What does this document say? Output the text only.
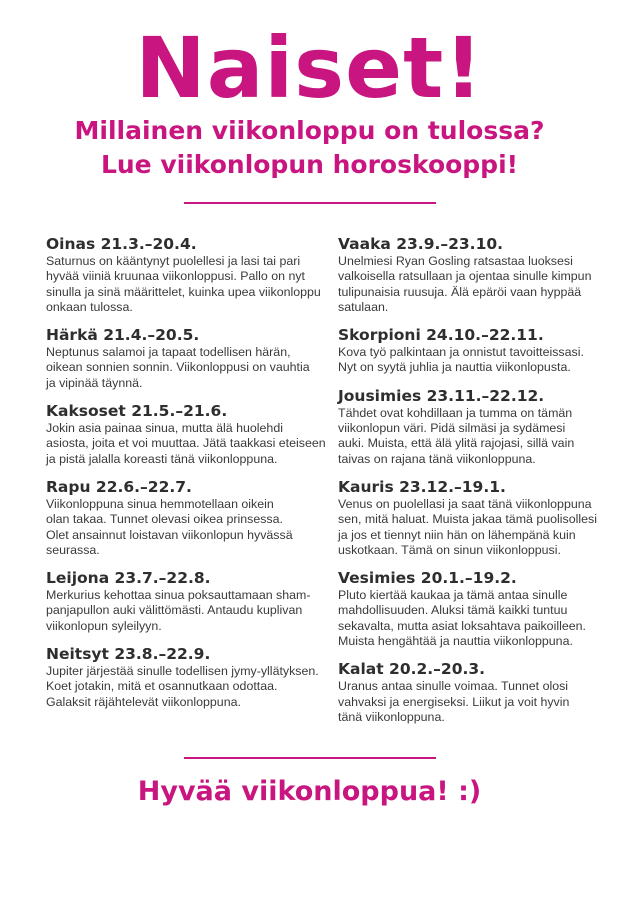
Naiset!
Millainen viikonloppu on tulossa?
Lue viikonlopun horoskooppi!
Oinas 21.3.–20.4.
Saturnus on kääntynyt puolellesi ja lasi tai pari
hyvää viiniä kruunaa viikonloppusi. Pallo on nyt
sinulla ja sinä määrittelet, kuinka upea viikonloppu
onkaan tulossa.
Härkä 21.4.–20.5.
Neptunus salamoi ja tapaat todellisen härän,
oikean sonnien sonnin. Viikonloppusi on vauhtia
ja vipinää täynnä.
Kaksoset 21.5.–21.6.
Jokin asia painaa sinua, mutta älä huolehdi
asiosta, joita et voi muuttaa. Jätä taakkasi eteiseen
ja pistä jalalla koreasti tänä viikonloppuna.
Rapu 22.6.–22.7.
Viikonloppuna sinua hemmotellaan oikein
olan takaa. Tunnet olevasi oikea prinsessa.
Olet ansainnut loistavan viikonlopun hyvässä
seurassa.
Leijona 23.7.–22.8.
Merkurius kehottaa sinua poksauttamaan sham-
panjapullon auki välittömästi. Antaudu kuplivan
viikonlopun syleilyyn.
Neitsyt 23.8.–22.9.
Jupiter järjestää sinulle todellisen jymy-yllätyksen.
Koet jotakin, mitä et osannutkaan odottaa.
Galaksit räjähtelevät viikonloppuna.
Vaaka 23.9.–23.10.
Unelmiesi Ryan Gosling ratsastaa luoksesi
valkoisella ratsullaan ja ojentaa sinulle kimpun
tulipunaisia ruusuja. Älä epäröi vaan hyppää
satulaan.
Skorpioni 24.10.–22.11.
Kova työ palkintaan ja onnistut tavoitteissasi.
Nyt on syytä juhlia ja nauttia viikonlopusta.
Jousimies 23.11.–22.12.
Tähdet ovat kohdillaan ja tumma on tämän
viikonlopun väri. Pidä silmäsi ja sydämesi
auki. Muista, että älä ylitä rajojasi, sillä vain
taivas on rajana tänä viikonloppuna.
Kauris 23.12.–19.1.
Venus on puolellasi ja saat tänä viikonloppuna
sen, mitä haluat. Muista jakaa tämä puolisollesi
ja jos et tiennyt niin hän on lähempänä kuin
uskotkaan. Tämä on sinun viikonloppusi.
Vesimies 20.1.–19.2.
Pluto kiertää kaukaa ja tämä antaa sinulle
mahdollisuuden. Aluksi tämä kaikki tuntuu
sekavalta, mutta asiat loksahtava paikoilleen.
Muista hengähtää ja nauttia viikonloppuna.
Kalat 20.2.–20.3.
Uranus antaa sinulle voimaa. Tunnet olosi
vahvaksi ja energiseksi. Liikut ja voit hyvin
tänä viikonloppuna.
Hyvää viikonloppua! :)
